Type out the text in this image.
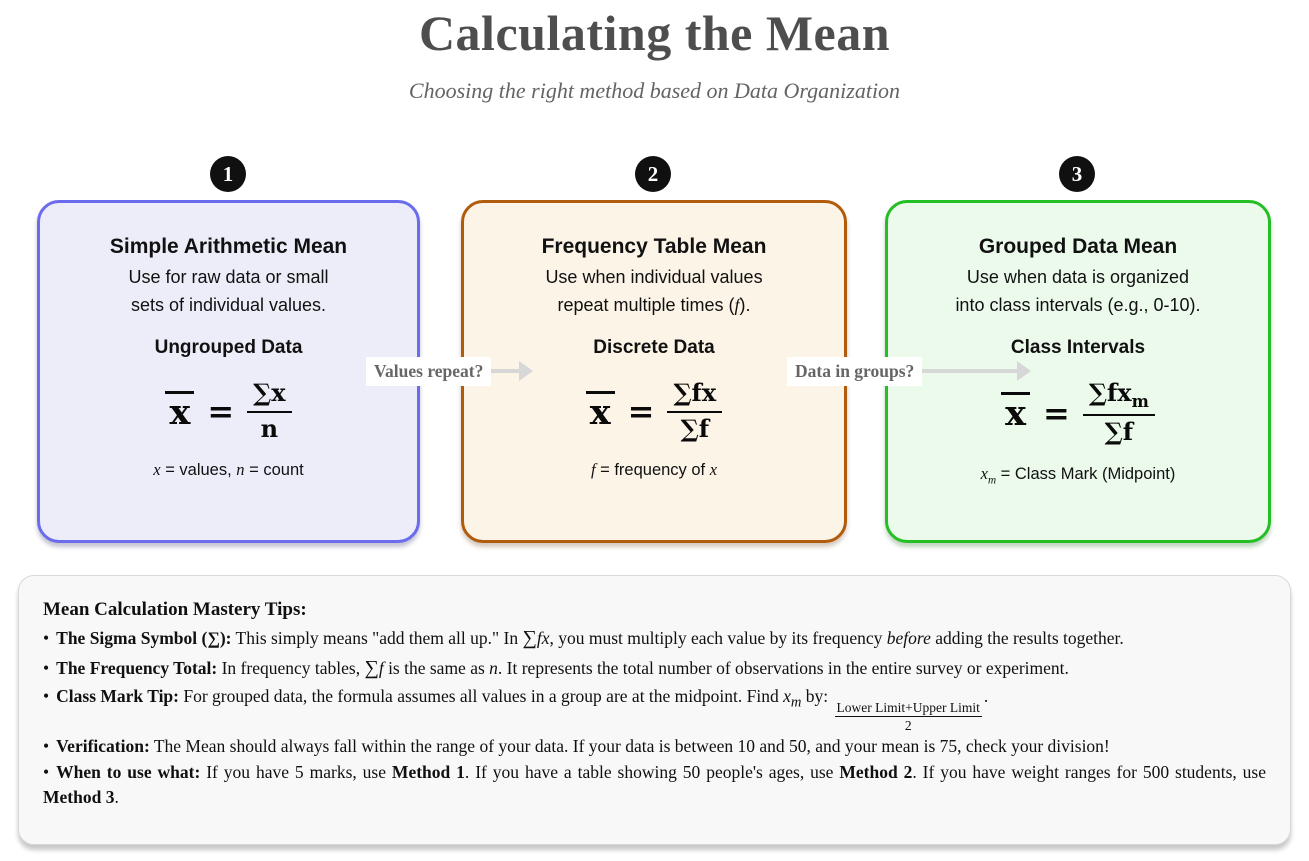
Calculating the Mean
Choosing the right method based on Data Organization
1	2	3
Simple Arithmetic Mean
Use for raw data or small
sets of individual values.
Ungrouped Data
$x = \frac{\sum x}{n}$
x = values, n = count
Frequency Table Mean
Use when individual values
repeat multiple times (f).
Discrete Data
$x = \frac{\sum fx}{\sum f}$
f = frequency of x
Grouped Data Mean
Use when data is organized
into class intervals (e.g., 0-10).
Class Intervals
$x = \frac{\sum fx_m}{\sum f}$
$x_m$ = Class Mark (Midpoint)
Values repeat?	Data in groups?

Mean Calculation Mastery Tips:

• The Sigma Symbol (∑): This simply means "add them all up." In ∑fx, you must multiply each value by its frequency before adding the results together.

• The Frequency Total: In frequency tables, ∑f is the same as n. It represents the total number of observations in the entire survey or experiment.

• Class Mark Tip: For grouped data, the formula assumes all values in a group are at the midpoint. Find $x_m$ by:
Lower Limit+Upper Limit
2
.

• Verification: The Mean should always fall within the range of your data. If your data is between 10 and 50, and your mean is 75, check your division!

• When to use what: If you have 5 marks, use Method 1. If you have a table showing 50 people's ages, use Method 2. If you have weight ranges for 500 students, use Method 3.
